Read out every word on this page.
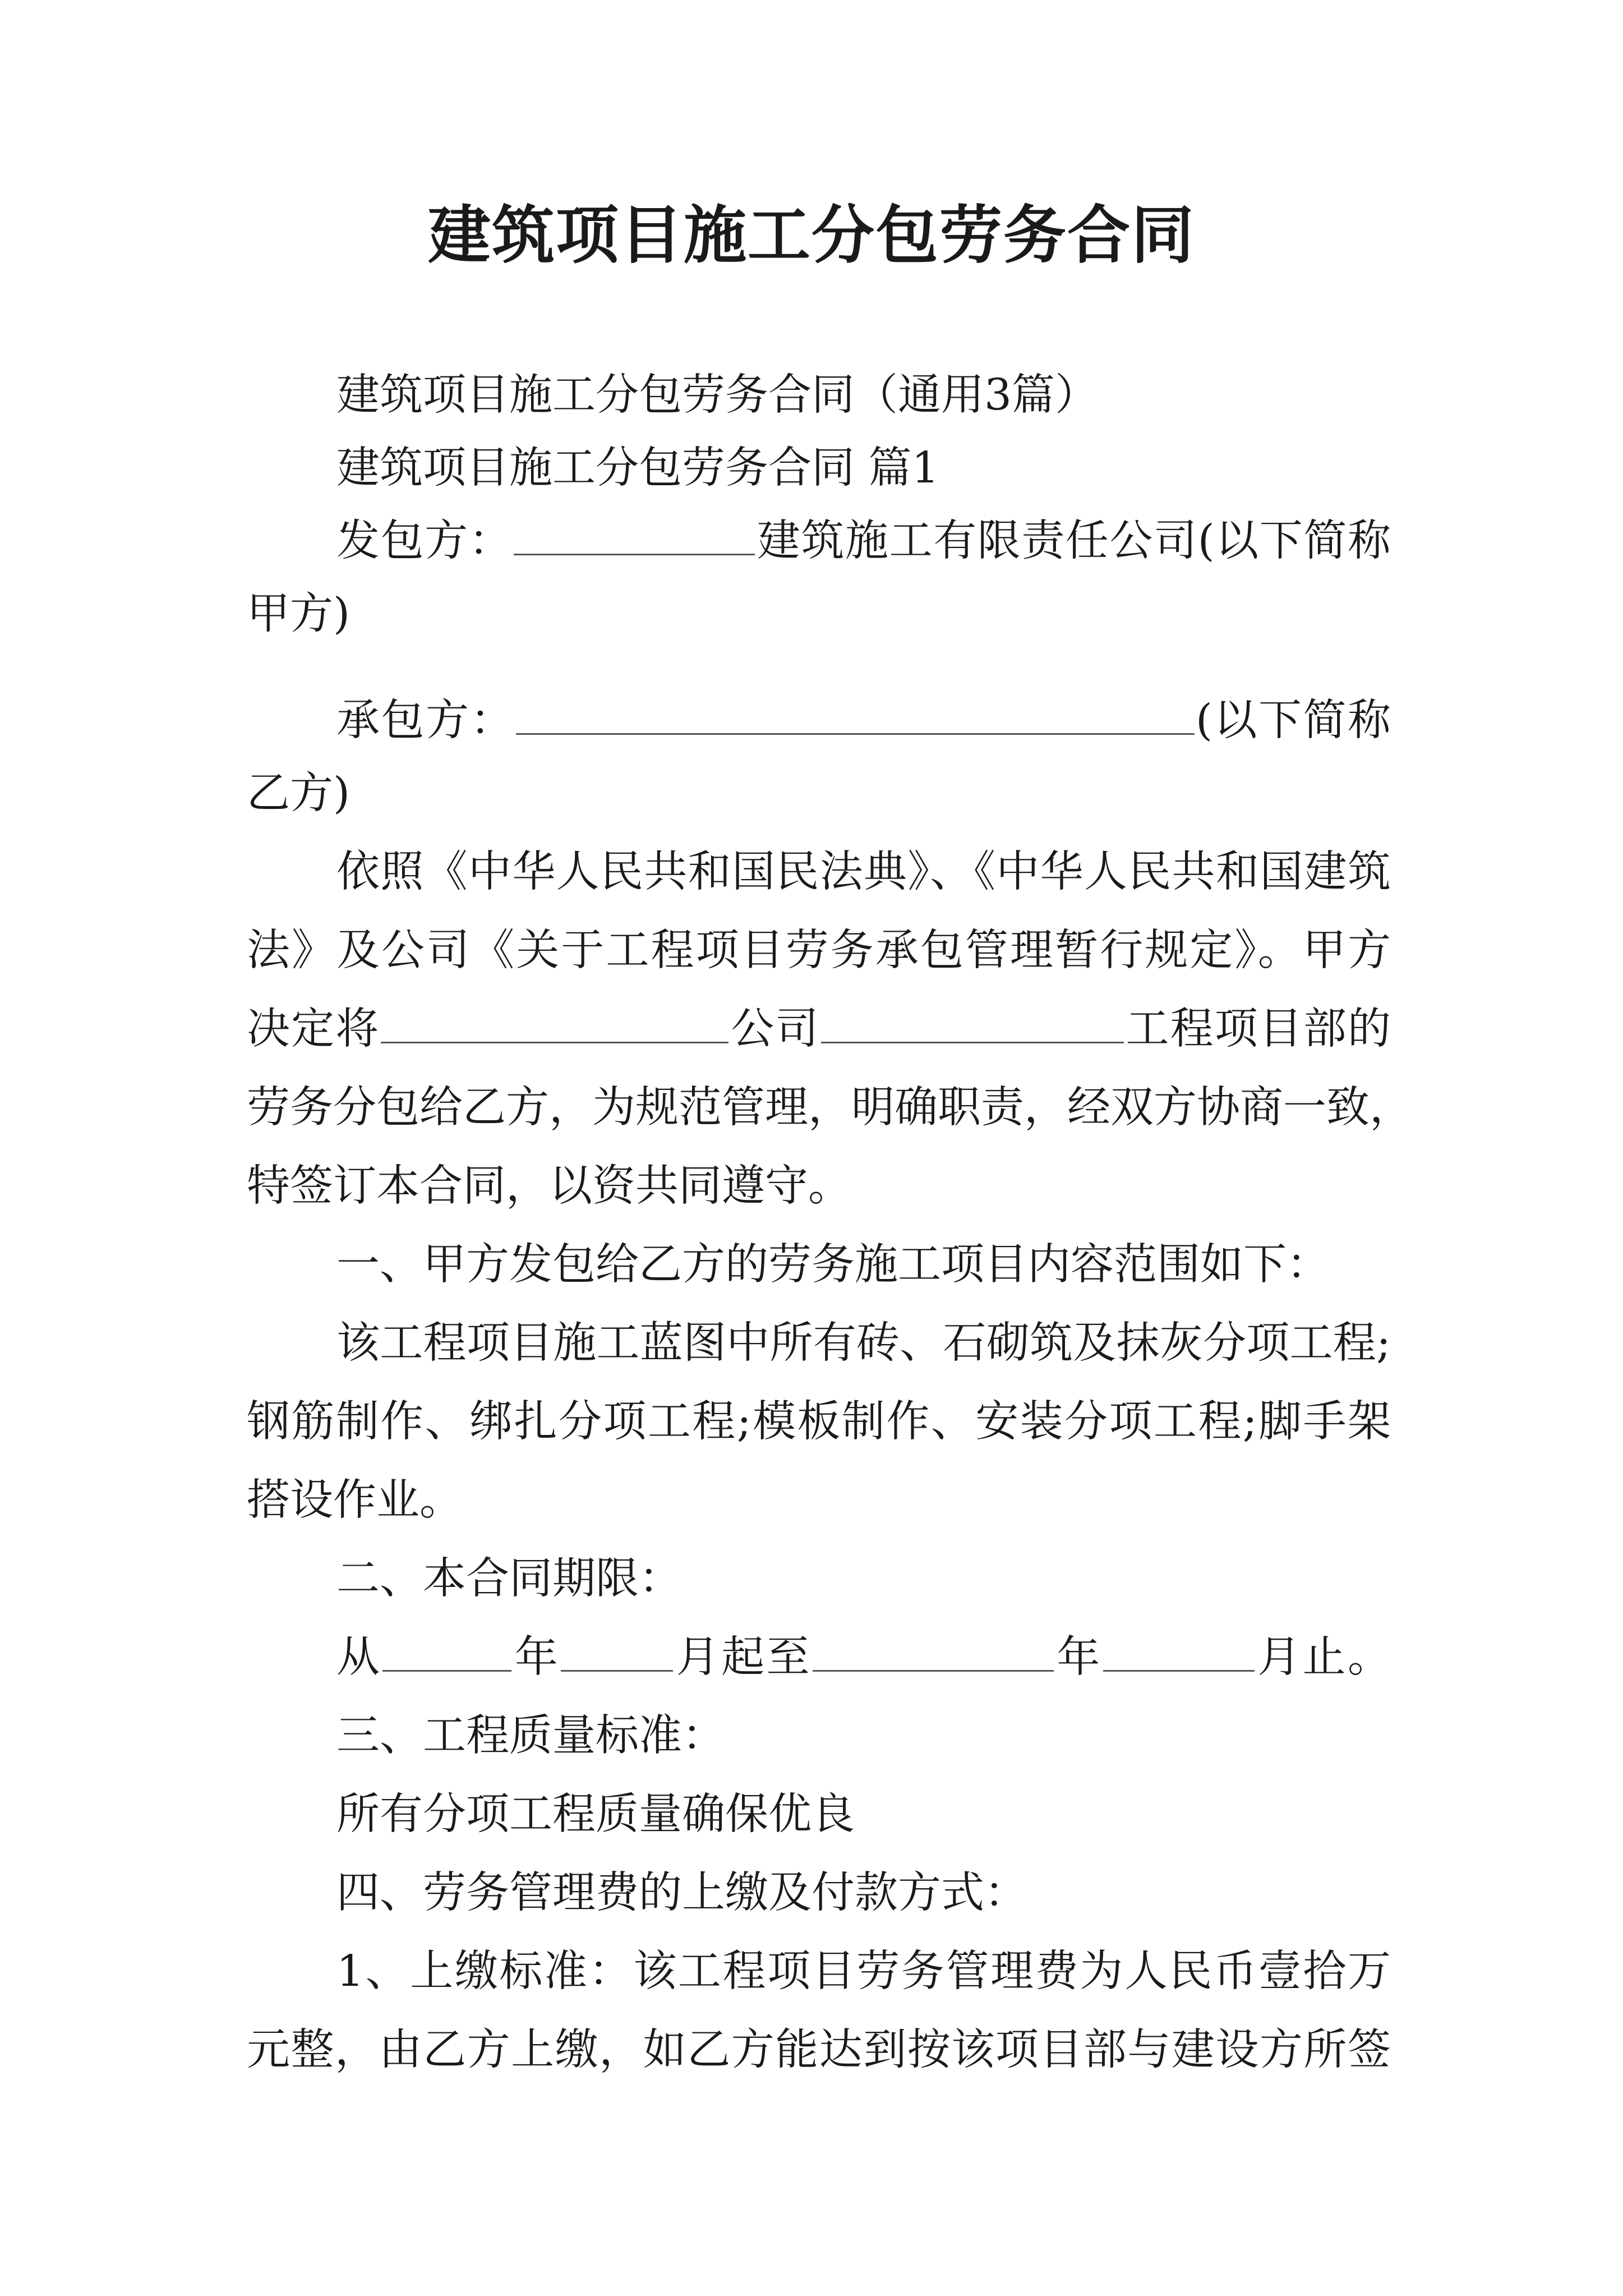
建筑项目施工分包劳务合同
建筑项目施工分包劳务合同（通用3篇）
建筑项目施工分包劳务合同 篇1
发包方：	建筑施工有限责任公司(以下简称
甲方)
承包方：	(以下简称
乙方)
依照《中华人民共和国民法典》、《中华人民共和国建筑
法》及公司《关于工程项目劳务承包管理暂行规定》。甲方
决定将	公司	工程项目部的
劳务分包给乙方，为规范管理，明确职责，经双方协商一致，
特签订本合同，以资共同遵守。
一、甲方发包给乙方的劳务施工项目内容范围如下：
该工程项目施工蓝图中所有砖、石砌筑及抹灰分项工程;
钢筋制作、绑扎分项工程;模板制作、安装分项工程;脚手架
搭设作业。
二、本合同期限：
从	年	月起至	年	月止。
三、工程质量标准：
所有分项工程质量确保优良
四、劳务管理费的上缴及付款方式：
1、上缴标准：该工程项目劳务管理费为人民币壹拾万
元整，由乙方上缴，如乙方能达到按该项目部与建设方所签
